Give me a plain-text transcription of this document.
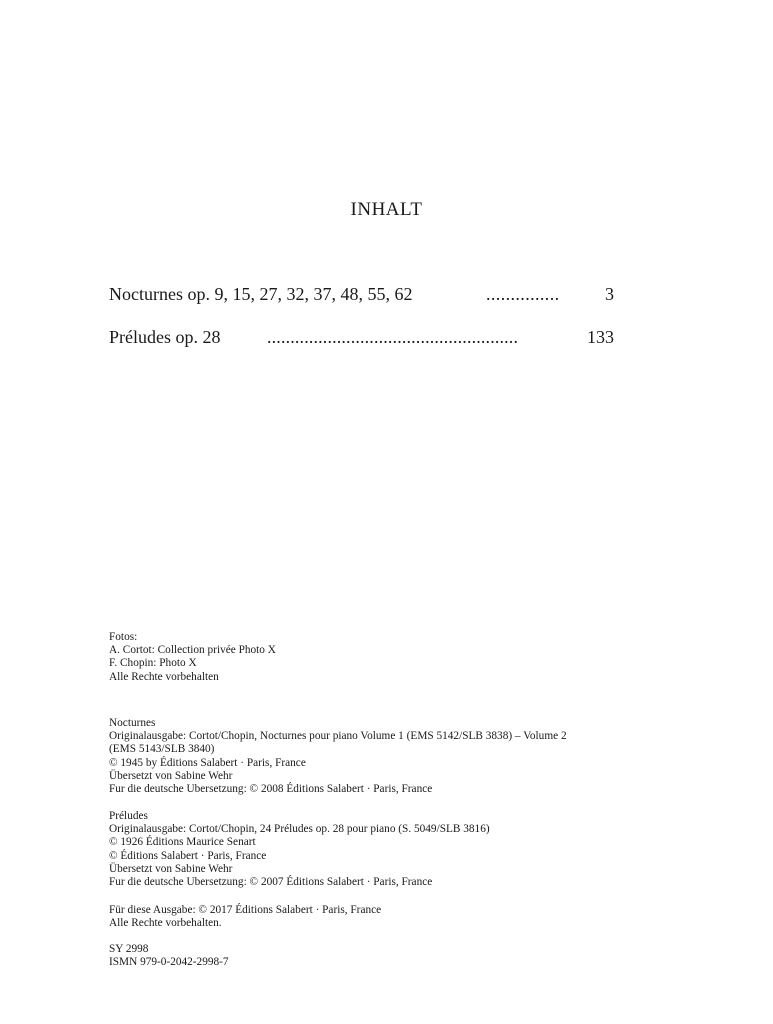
INHALT
Nocturnes op. 9, 15, 27, 32, 37, 48, 55, 62	...............	3
Préludes op. 28	......................................................	133
Fotos:
A. Cortot: Collection privée Photo X
F. Chopin: Photo X
Alle Rechte vorbehalten
Nocturnes
Originalausgabe: Cortot/Chopin, Nocturnes pour piano Volume 1 (EMS 5142/SLB 3838) – Volume 2
(EMS 5143/SLB 3840)
© 1945 by Éditions Salabert · Paris, France
Übersetzt von Sabine Wehr
Fur die deutsche Ubersetzung: © 2008 Éditions Salabert · Paris, France
Préludes
Originalausgabe: Cortot/Chopin, 24 Préludes op. 28 pour piano (S. 5049/SLB 3816)
© 1926 Éditions Maurice Senart
© Éditions Salabert · Paris, France
Übersetzt von Sabine Wehr
Fur die deutsche Ubersetzung: © 2007 Éditions Salabert · Paris, France
Für diese Ausgabe: © 2017 Éditions Salabert · Paris, France
Alle Rechte vorbehalten.
SY 2998
ISMN 979-0-2042-2998-7
